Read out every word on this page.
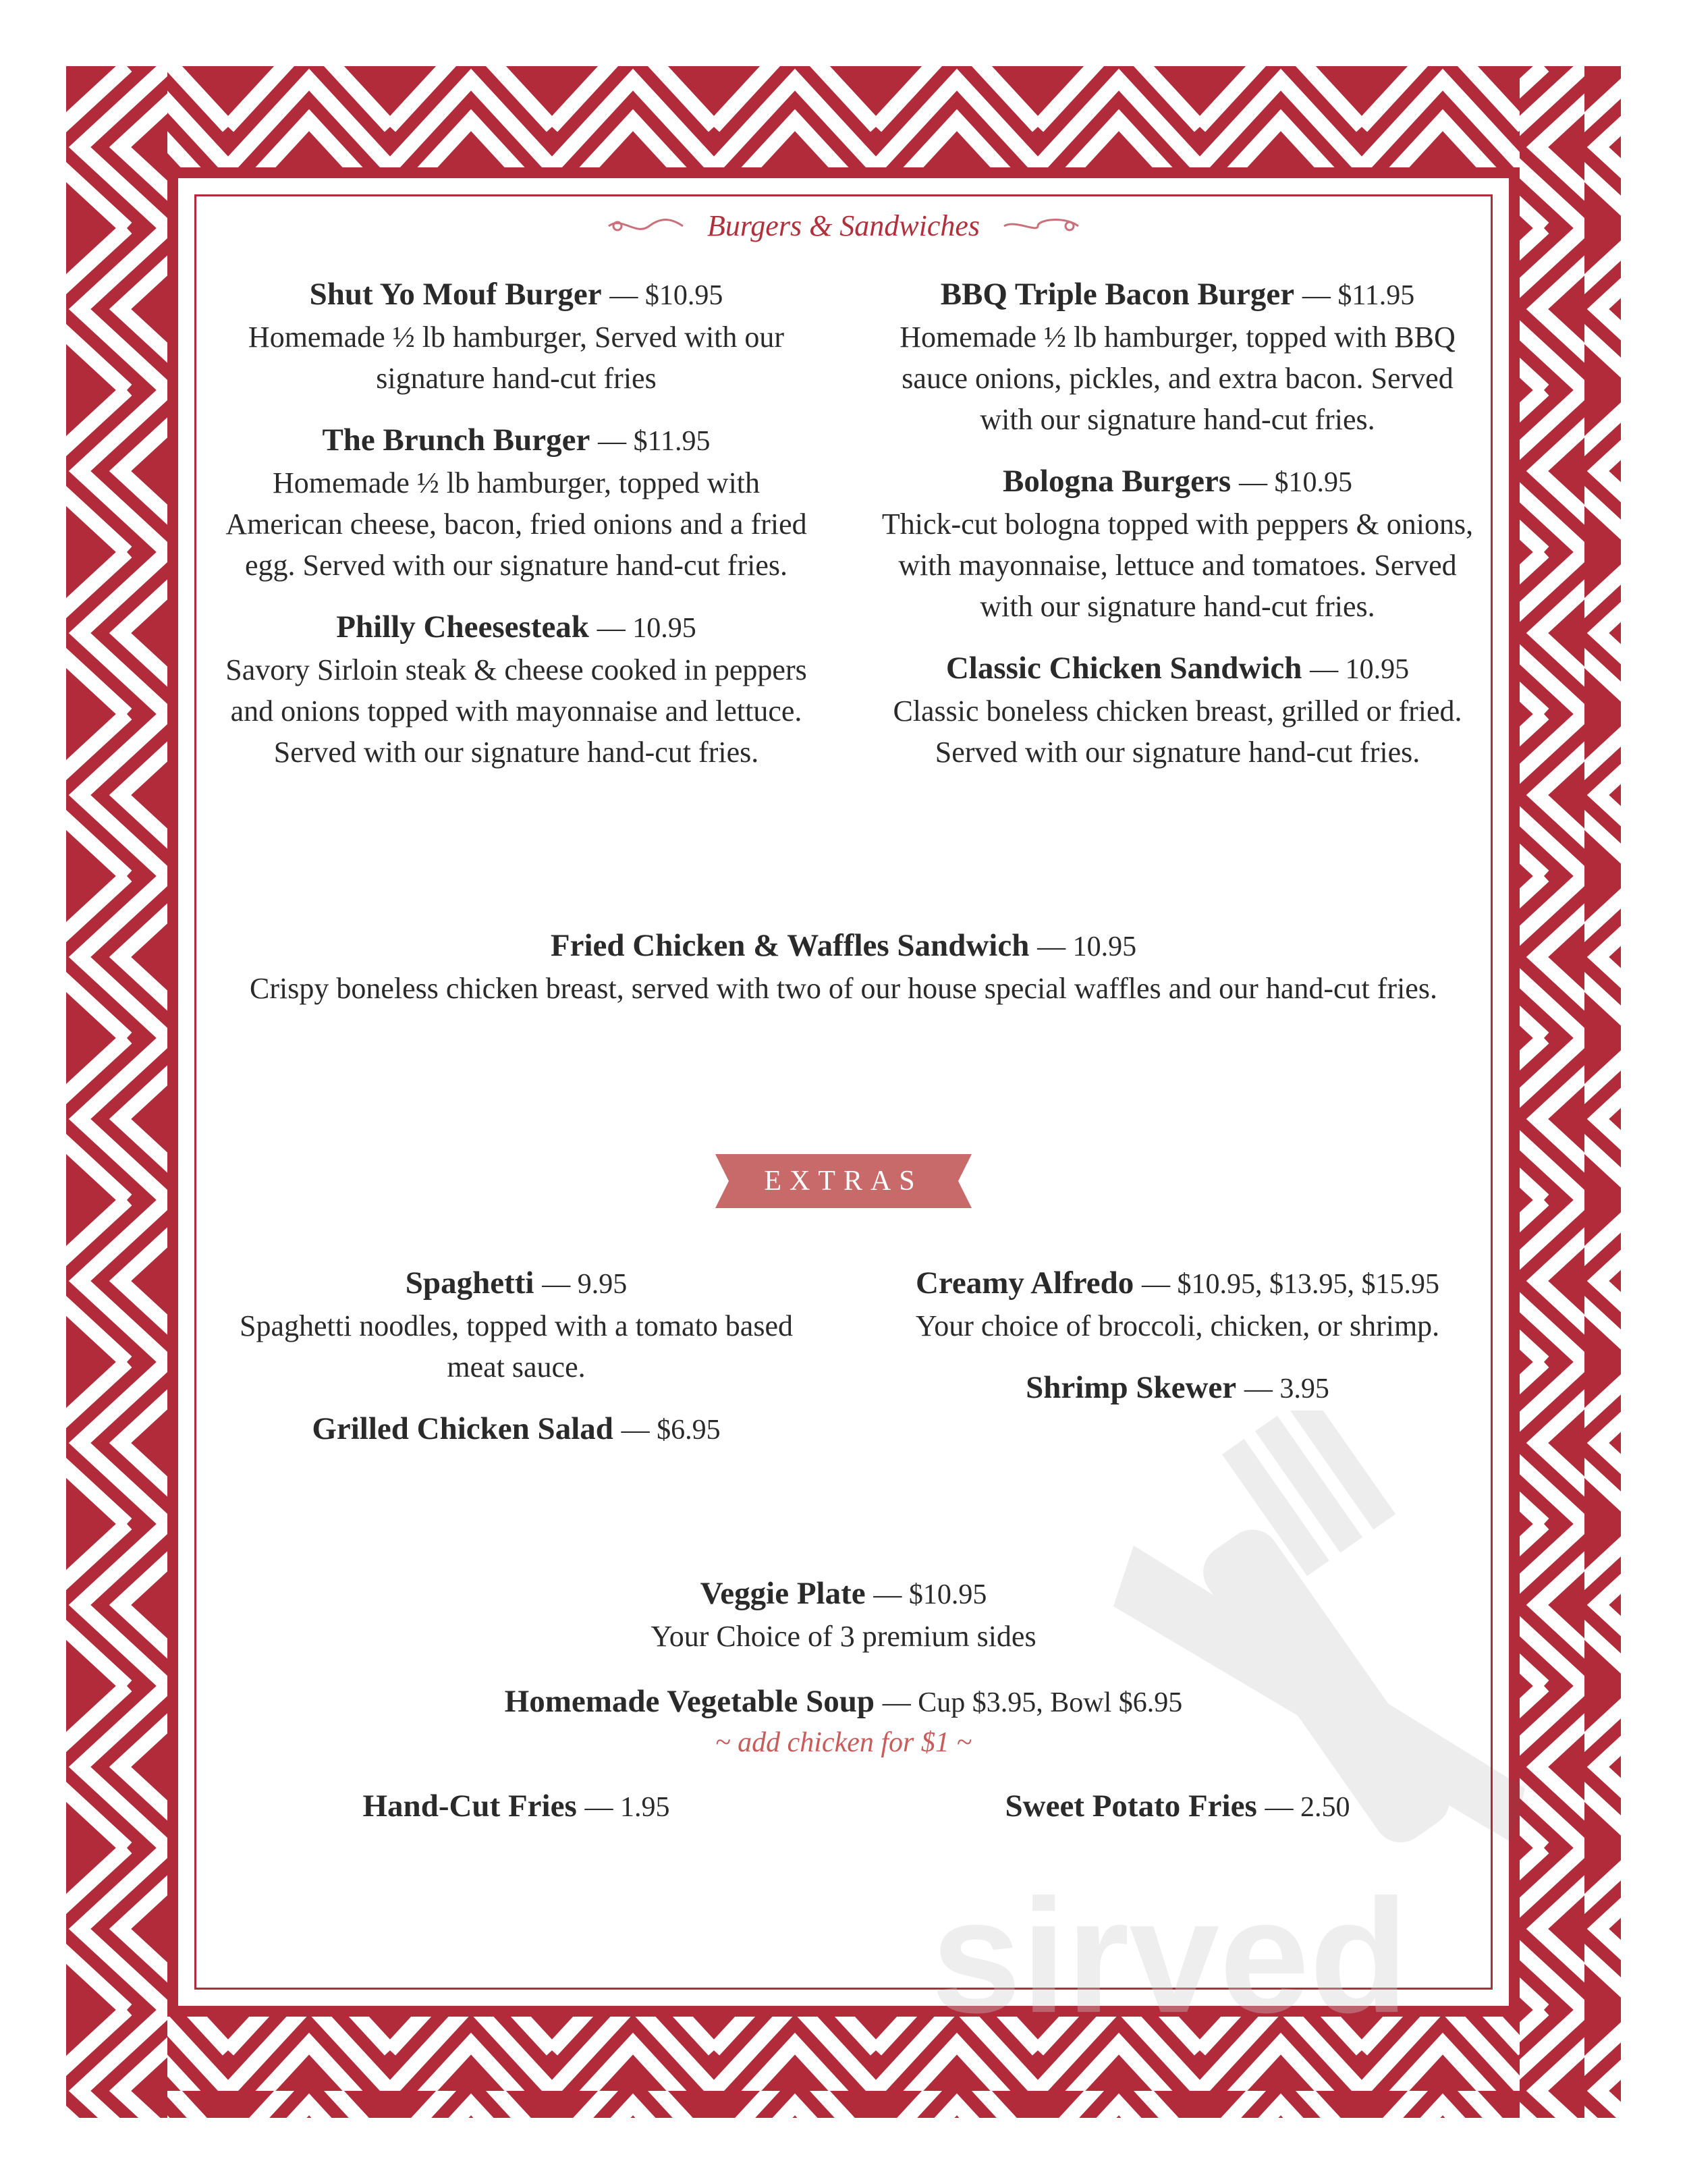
sirved
Burgers & Sandwiches
Shut Yo Mouf Burger — $10.95
Homemade ½ lb hamburger, Served with our signature hand-cut fries
The Brunch Burger — $11.95
Homemade ½ lb hamburger, topped with American cheese, bacon, fried onions and a fried egg. Served with our signature hand-cut fries.
Philly Cheesesteak — 10.95
Savory Sirloin steak & cheese cooked in peppers and onions topped with mayonnaise and lettuce. Served with our signature hand-cut fries.
BBQ Triple Bacon Burger — $11.95
Homemade ½ lb hamburger, topped with BBQ sauce onions, pickles, and extra bacon. Served with our signature hand-cut fries.
Bologna Burgers — $10.95
Thick-cut bologna topped with peppers & onions, with mayonnaise, lettuce and tomatoes. Served with our signature hand-cut fries.
Classic Chicken Sandwich — 10.95
Classic boneless chicken breast, grilled or fried. Served with our signature hand-cut fries.
Fried Chicken & Waffles Sandwich — 10.95
Crispy boneless chicken breast, served with two of our house special waffles and our hand-cut fries.
EXTRAS
Spaghetti — 9.95
Spaghetti noodles, topped with a tomato based meat sauce.
Grilled Chicken Salad — $6.95
Creamy Alfredo — $10.95, $13.95, $15.95
Your choice of broccoli, chicken, or shrimp.
Shrimp Skewer — 3.95
Veggie Plate — $10.95
Your Choice of 3 premium sides
Homemade Vegetable Soup — Cup $3.95, Bowl $6.95
~ add chicken for $1 ~
Hand-Cut Fries — 1.95	Sweet Potato Fries — 2.50
